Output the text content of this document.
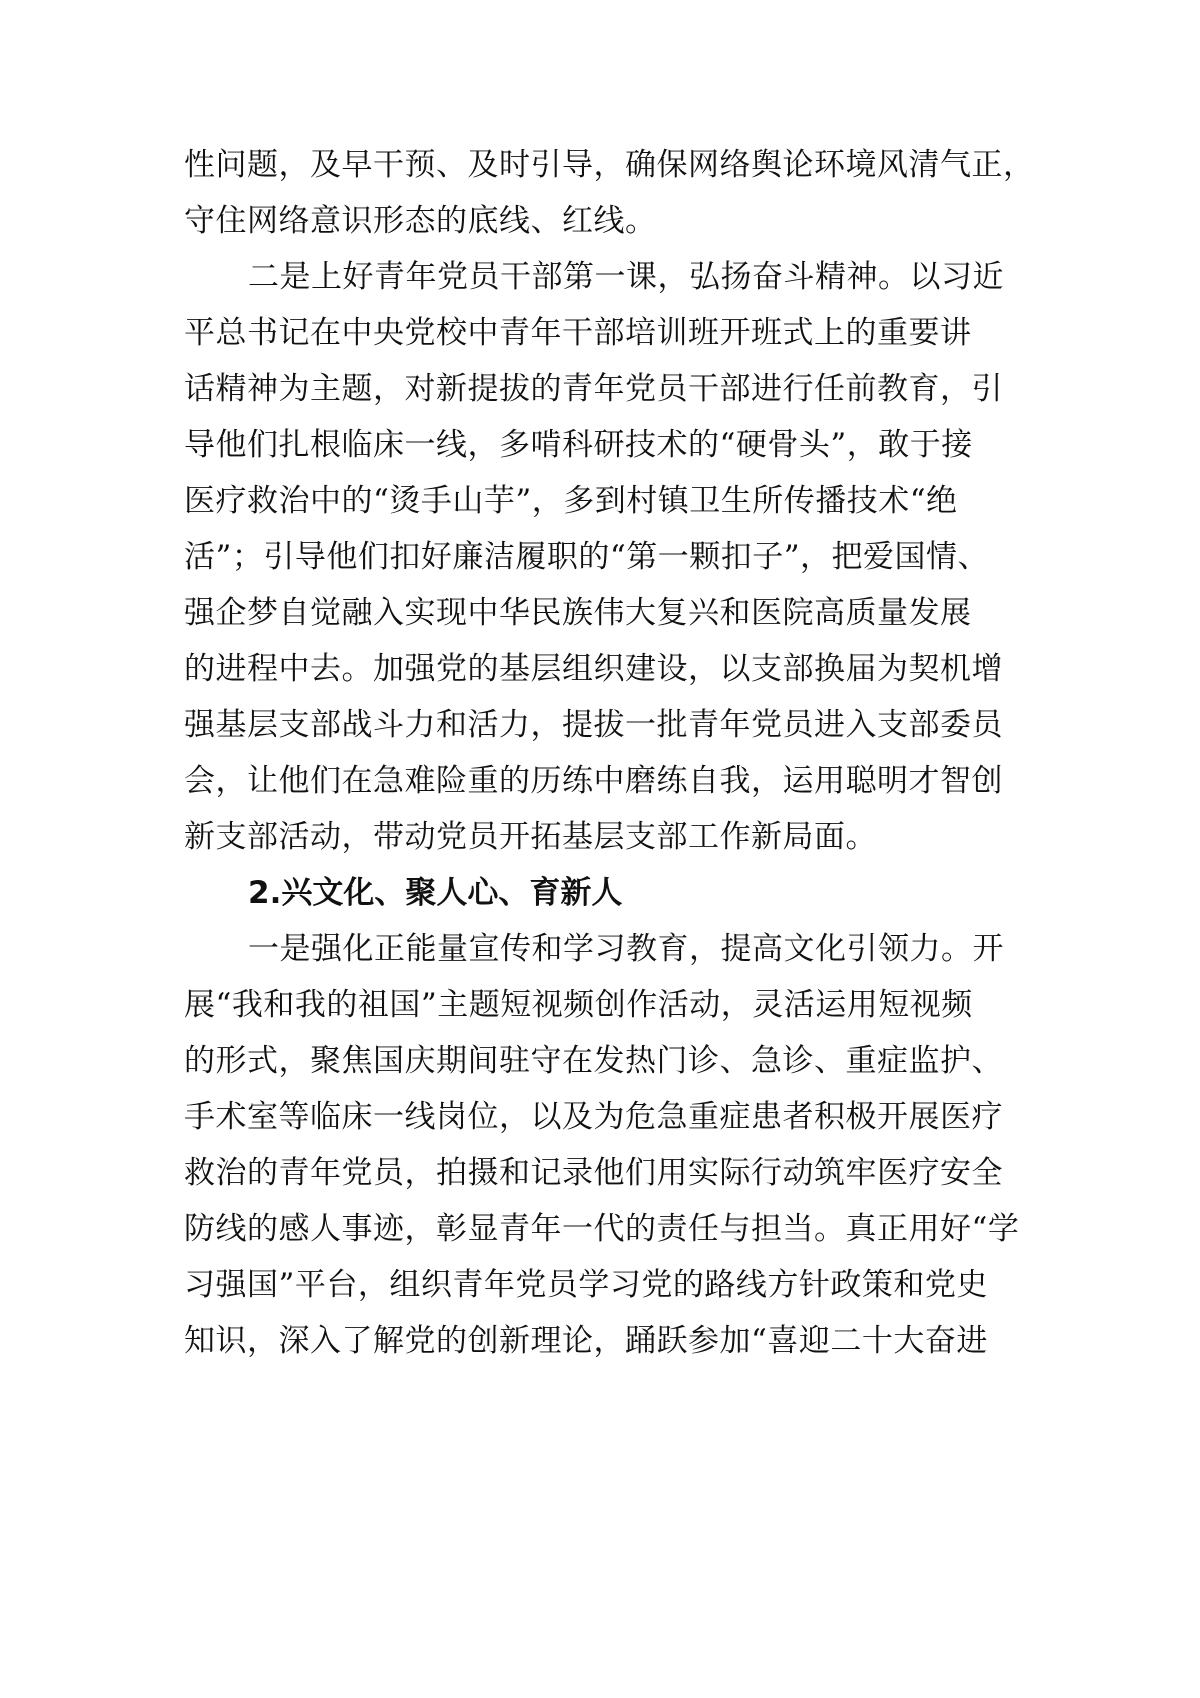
性问题，及早干预、及时引导，确保网络舆论环境风清气正，
守住网络意识形态的底线、红线。
二是上好青年党员干部第一课，弘扬奋斗精神。以习近
平总书记在中央党校中青年干部培训班开班式上的重要讲
话精神为主题，对新提拔的青年党员干部进行任前教育，引
导他们扎根临床一线，多啃科研技术的“硬骨头”，敢于接
医疗救治中的“烫手山芋”，多到村镇卫生所传播技术“绝
活”；引导他们扣好廉洁履职的“第一颗扣子”，把爱国情、
强企梦自觉融入实现中华民族伟大复兴和医院高质量发展
的进程中去。加强党的基层组织建设，以支部换届为契机增
强基层支部战斗力和活力，提拔一批青年党员进入支部委员
会，让他们在急难险重的历练中磨练自我，运用聪明才智创
新支部活动，带动党员开拓基层支部工作新局面。
2.兴文化、聚人心、育新人
一是强化正能量宣传和学习教育，提高文化引领力。开
展“我和我的祖国”主题短视频创作活动，灵活运用短视频
的形式，聚焦国庆期间驻守在发热门诊、急诊、重症监护、
手术室等临床一线岗位，以及为危急重症患者积极开展医疗
救治的青年党员，拍摄和记录他们用实际行动筑牢医疗安全
防线的感人事迹，彰显青年一代的责任与担当。真正用好“学
习强国”平台，组织青年党员学习党的路线方针政策和党史
知识，深入了解党的创新理论，踊跃参加“喜迎二十大奋进
